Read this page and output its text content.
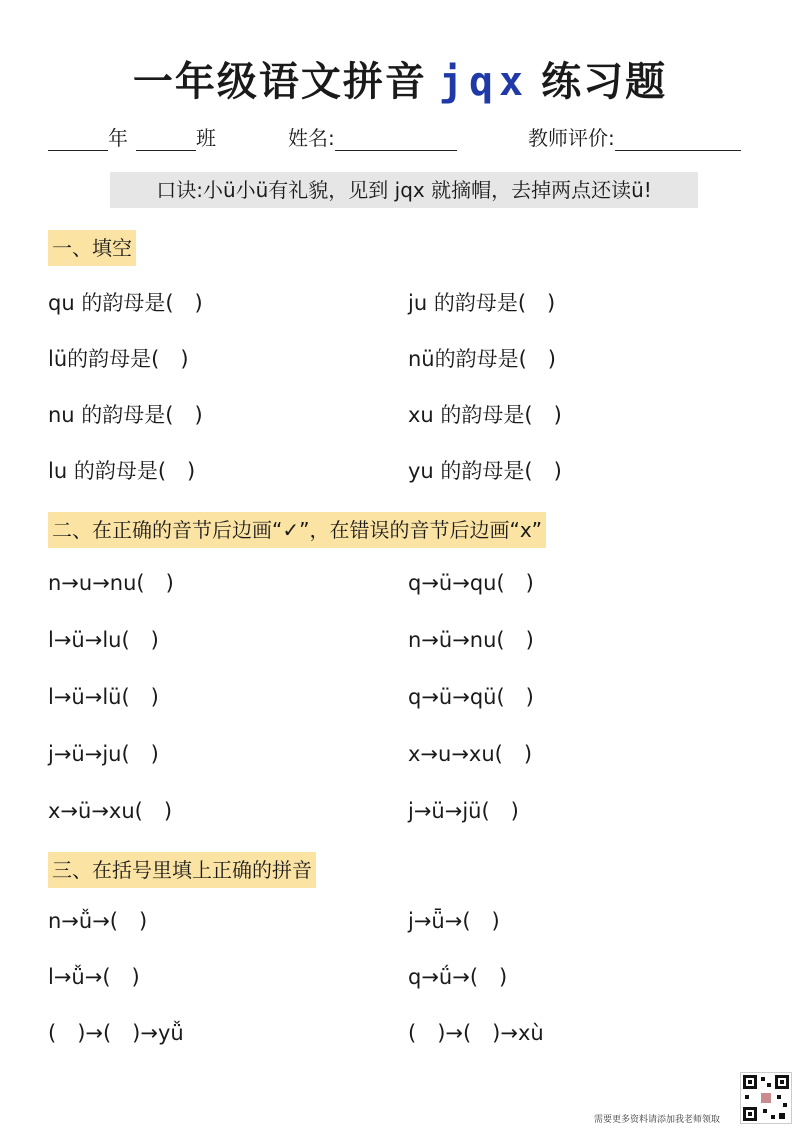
一年级语文拼音 jqx 练习题
年	班	姓名:	教师评价:
口诀:小ü小ü有礼貌，见到 jqx 就摘帽，去掉两点还读ü!
一、填空
qu 的韵母是(　)
lü的韵母是(　)
nu 的韵母是(　)
lu 的韵母是(　)
ju 的韵母是(　)
nü的韵母是(　)
xu 的韵母是(　)
yu 的韵母是(　)
二、在正确的音节后边画“✓”，在错误的音节后边画“x”
n→u→nu(　)
l→ü→lu(　)
l→ü→lü(　)
j→ü→ju(　)
x→ü→xu(　)
q→ü→qu(　)
n→ü→nu(　)
q→ü→qü(　)
x→u→xu(　)
j→ü→jü(　)
三、在括号里填上正确的拼音
n→ǚ→(　)
l→ǚ→(　)
(　)→(　)→yǚ
j→ǖ→(　)
q→ǘ→(　)
(　)→(　)→xù
需要更多资料请添加我老师领取
